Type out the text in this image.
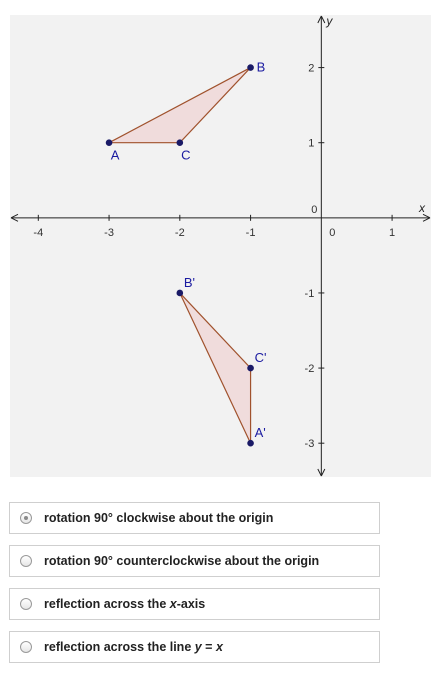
x
y
-4	-3	-2	-1	0	1
0
2
1
-1
-2
-3
A
B
C
A'
B'
C'
rotation 90° clockwise about the origin
rotation 90° counterclockwise about the origin
reflection across the x-axis
reflection across the line y = x
